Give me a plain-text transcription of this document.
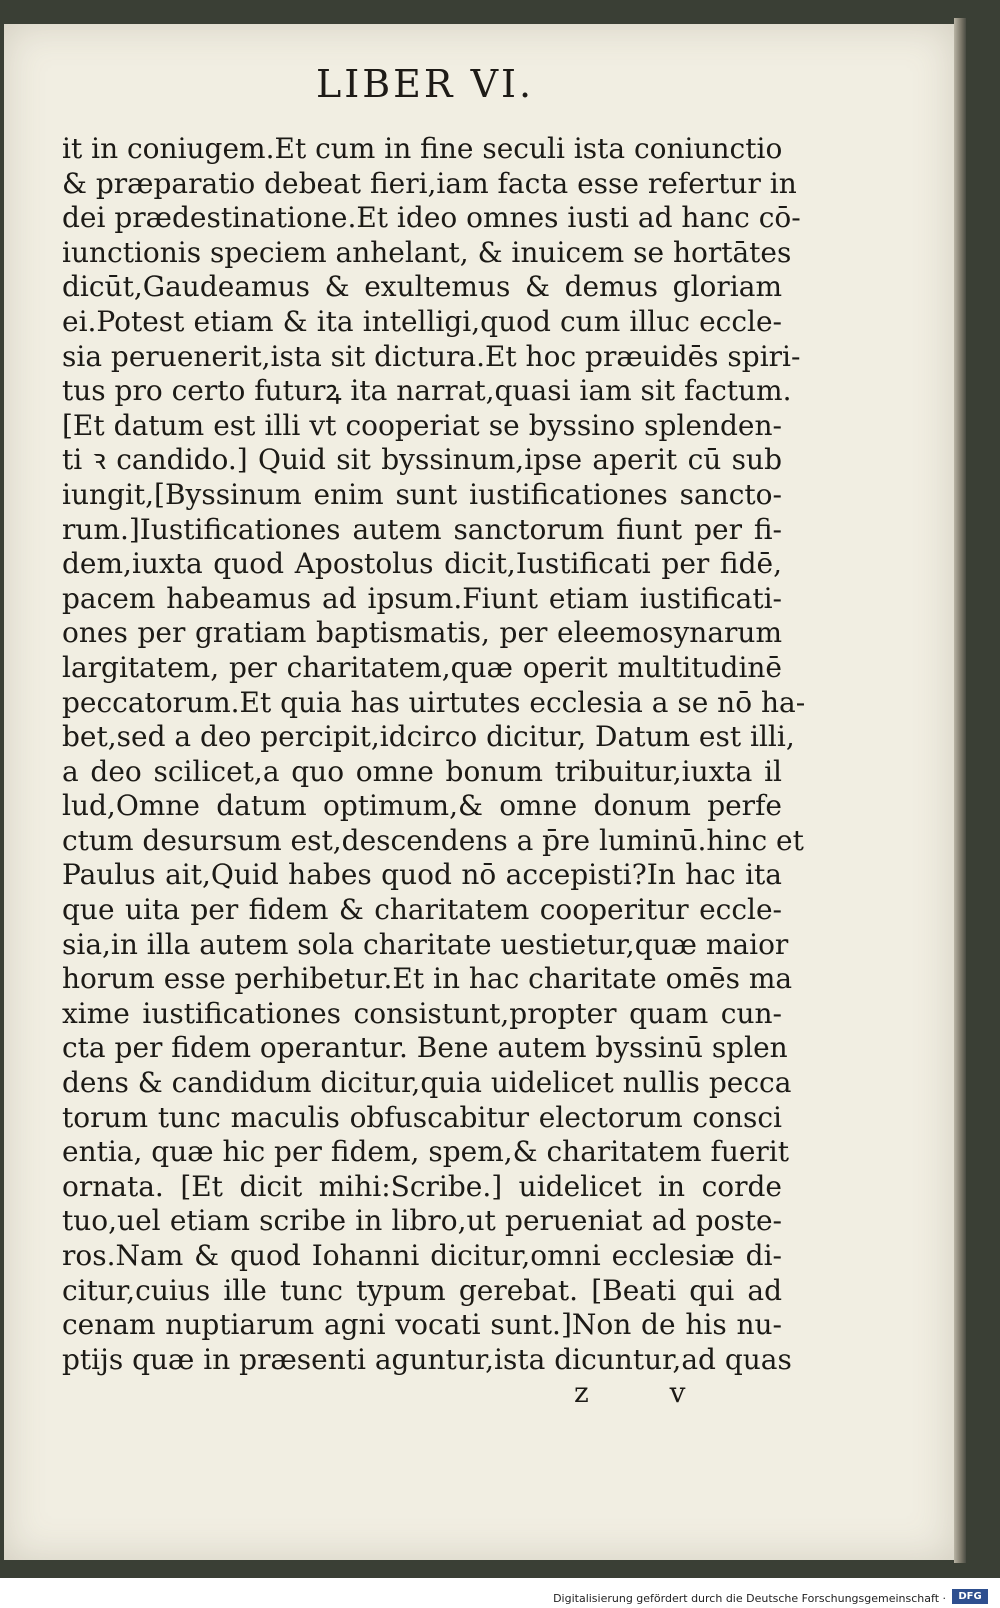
LIBER VI.
it in coniugem.Et cum in fine seculi ista coniunctio
& præparatio debeat fieri,iam facta esse refertur in
dei prædestinatione.Et ideo omnes iusti ad hanc cō-
iunctionis speciem anhelant, & inuicem se hortātes
dicūt,Gaudeamus & exultemus & demus gloriam
ei.Potest etiam & ita intelligi,quod cum illuc eccle-
sia peruenerit,ista sit dictura.Et hoc præuidēs spiri-
tus pro certo futurꝝ ita narrat,quasi iam sit factum.
[Et datum est illi vt cooperiat se byssino splenden-
ti ꝛ candido.] Quid sit byssinum,ipse aperit cū sub
iungit,[Byssinum enim sunt iustificationes sancto-
rum.]Iustificationes autem sanctorum fiunt per fi-
dem,iuxta quod Apostolus dicit,Iustificati per fidē,
pacem habeamus ad ipsum.Fiunt etiam iustificati-
ones per gratiam baptismatis, per eleemosynarum
largitatem, per charitatem,quæ operit multitudinē
peccatorum.Et quia has uirtutes ecclesia a se nō ha-
bet,sed a deo percipit,idcirco dicitur, Datum est illi,
a deo scilicet,a quo omne bonum tribuitur,iuxta il
lud,Omne datum optimum,& omne donum perfe
ctum desursum est,descendens a p̄re luminū.hinc et
Paulus ait,Quid habes quod nō accepisti?In hac ita
que uita per fidem & charitatem cooperitur eccle-
sia,in illa autem sola charitate uestietur,quæ maior
horum esse perhibetur.Et in hac charitate omēs ma
xime iustificationes consistunt,propter quam cun-
cta per fidem operantur. Bene autem byssinū splen
dens & candidum dicitur,quia uidelicet nullis pecca
torum tunc maculis obfuscabitur electorum consci
entia, quæ hic per fidem, spem,& charitatem fuerit
ornata. [Et dicit mihi:Scribe.] uidelicet in corde
tuo,uel etiam scribe in libro,ut perueniat ad poste-
ros.Nam & quod Iohanni dicitur,omni ecclesiæ di-
citur,cuius ille tunc typum gerebat. [Beati qui ad
cenam nuptiarum agni vocati sunt.]Non de his nu-
ptijs quæ in præsenti aguntur,ista dicuntur,ad quas
z v
Digitalisierung gefördert durch die Deutsche Forschungsgemeinschaft ·	DFG
